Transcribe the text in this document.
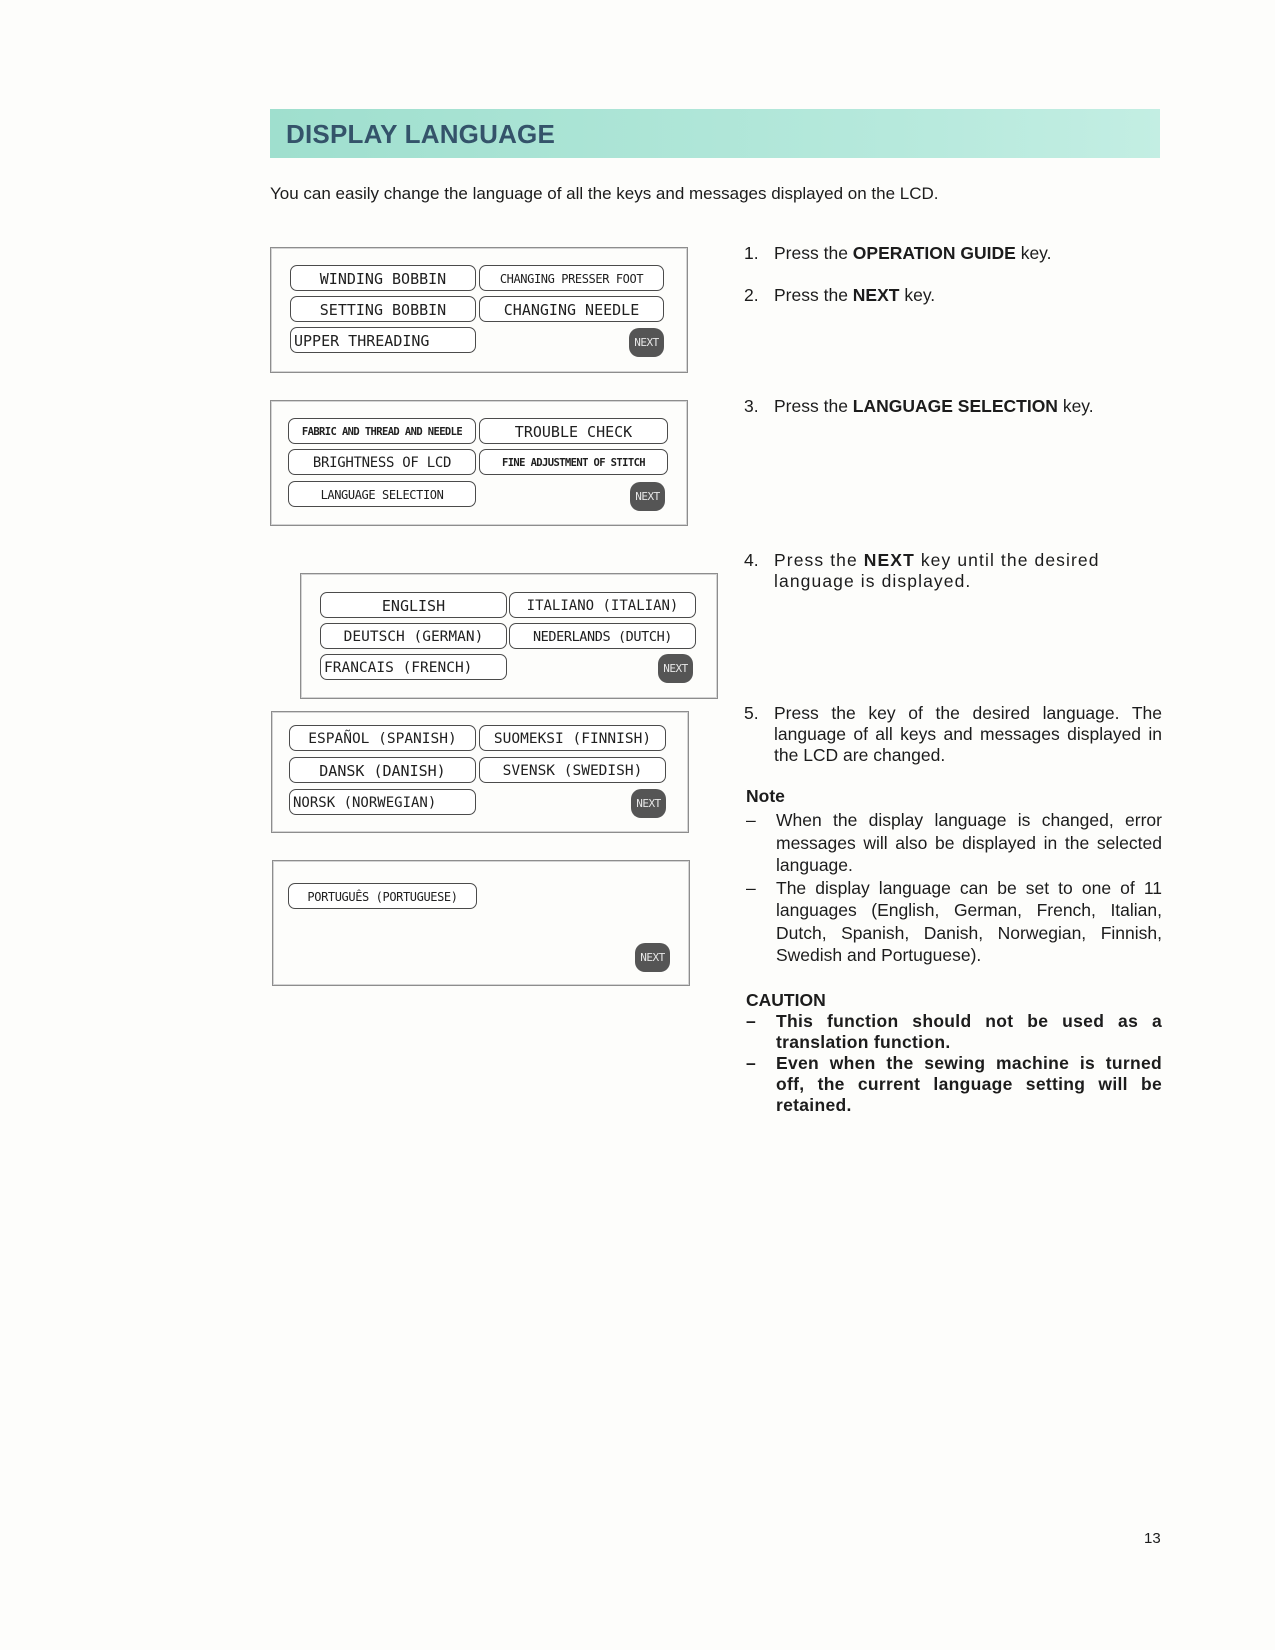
DISPLAY LANGUAGE

You can easily change the language of all the keys and messages displayed on the LCD.

WINDING BOBBIN	CHANGING PRESSER FOOT
SETTING BOBBIN	CHANGING NEEDLE
UPPER THREADING	NEXT
FABRIC AND THREAD AND NEEDLE	TROUBLE CHECK
BRIGHTNESS OF LCD	FINE ADJUSTMENT OF STITCH
LANGUAGE SELECTION	NEXT
ENGLISH	ITALIANO (ITALIAN)
DEUTSCH (GERMAN)	NEDERLANDS (DUTCH)
FRANCAIS (FRENCH)	NEXT
ESPAÑOL (SPANISH)	SUOMEKSI (FINNISH)
DANSK (DANISH)	SVENSK (SWEDISH)
NORSK (NORWEGIAN)	NEXT
PORTUGUÊS (PORTUGUESE)
NEXT
1. Press the OPERATION GUIDE key.
2. Press the NEXT key.
3. Press the LANGUAGE SELECTION key.
4. Press the NEXT key until the desired language is displayed.
5. Press the key of the desired language. The language of all keys and messages displayed in the LCD are changed.

Note

– When the display language is changed, error messages will also be displayed in the selected language.
– The display language can be set to one of 11 languages (English, German, French, Italian, Dutch, Spanish, Danish, Norwegian, Finnish, Swedish and Portuguese).

CAUTION

– This function should not be used as a translation function.
– Even when the sewing machine is turned off, the current language setting will be retained.

13
